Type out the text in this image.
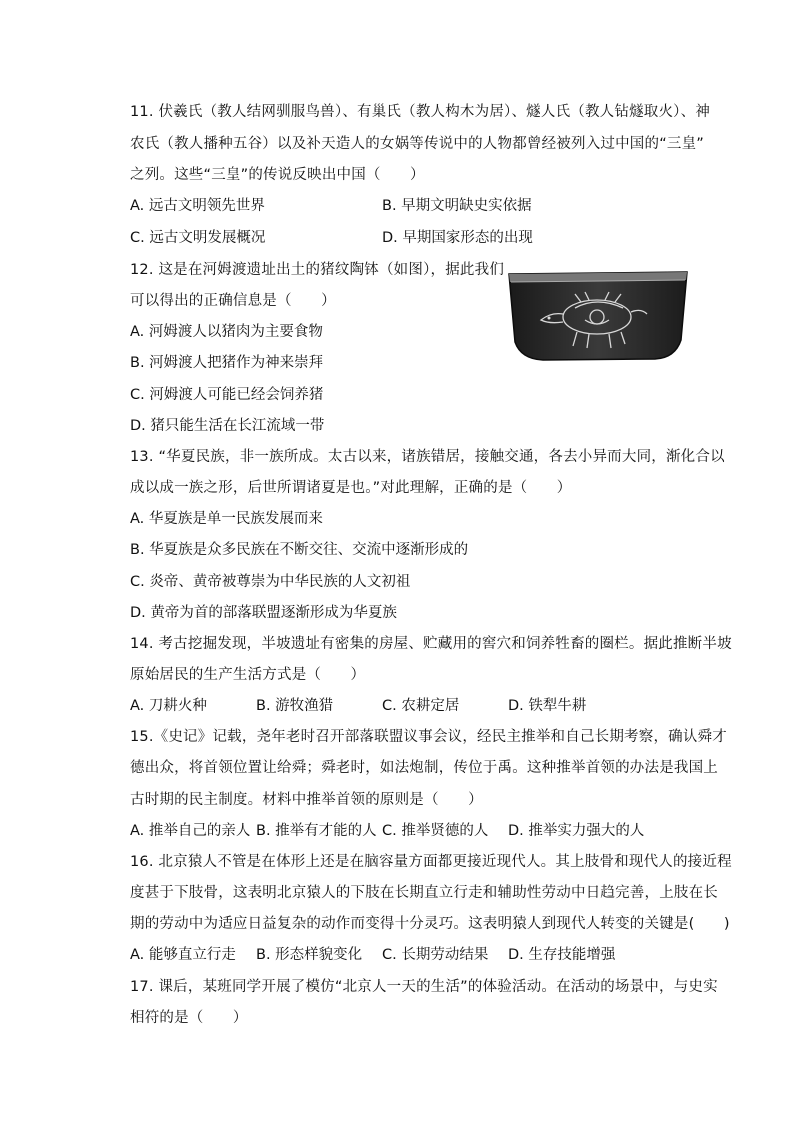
11. 伏羲氏（教人结网驯服鸟兽）、有巢氏（教人构木为居）、燧人氏（教人钻燧取火）、神
农氏（教人播种五谷）以及补天造人的女娲等传说中的人物都曾经被列入过中国的“三皇”
之列。这些“三皇”的传说反映出中国（　　）
A. 远古文明领先世界	B. 早期文明缺史实依据
C. 远古文明发展概况	D. 早期国家形态的出现
12. 这是在河姆渡遗址出土的猪纹陶钵（如图），据此我们
可以得出的正确信息是（　　）
A. 河姆渡人以猪肉为主要食物
B. 河姆渡人把猪作为神来崇拜
C. 河姆渡人可能已经会饲养猪
D. 猪只能生活在长江流域一带
13. “华夏民族，非一族所成。太古以来，诸族错居，接触交通，各去小异而大同，渐化合以
成以成一族之形，后世所谓诸夏是也。”对此理解，正确的是（　　）
A. 华夏族是单一民族发展而来
B. 华夏族是众多民族在不断交往、交流中逐渐形成的
C. 炎帝、黄帝被尊崇为中华民族的人文初祖
D. 黄帝为首的部落联盟逐渐形成为华夏族
14. 考古挖掘发现，半坡遗址有密集的房屋、贮藏用的窖穴和饲养牲畜的圈栏。据此推断半坡
原始居民的生产生活方式是（　　）
A. 刀耕火种	B. 游牧渔猎	C. 农耕定居	D. 铁犁牛耕
15.《史记》记载，尧年老时召开部落联盟议事会议，经民主推举和自己长期考察，确认舜才
德出众，将首领位置让给舜；舜老时，如法炮制，传位于禹。这种推举首领的办法是我国上
古时期的民主制度。材料中推举首领的原则是（　　）
A. 推举自己的亲人 B. 推举有才能的人 C. 推举贤德的人 D. 推举实力强大的人
16. 北京猿人不管是在体形上还是在脑容量方面都更接近现代人。其上肢骨和现代人的接近程
度甚于下肢骨，这表明北京猿人的下肢在长期直立行走和辅助性劳动中日趋完善，上肢在长
期的劳动中为适应日益复杂的动作而变得十分灵巧。这表明猿人到现代人转变的关键是(　　)
A. 能够直立行走 B. 形态样貌变化 C. 长期劳动结果 D. 生存技能增强
17. 课后，某班同学开展了模仿“北京人一天的生活”的体验活动。在活动的场景中，与史实
相符的是（　　）
